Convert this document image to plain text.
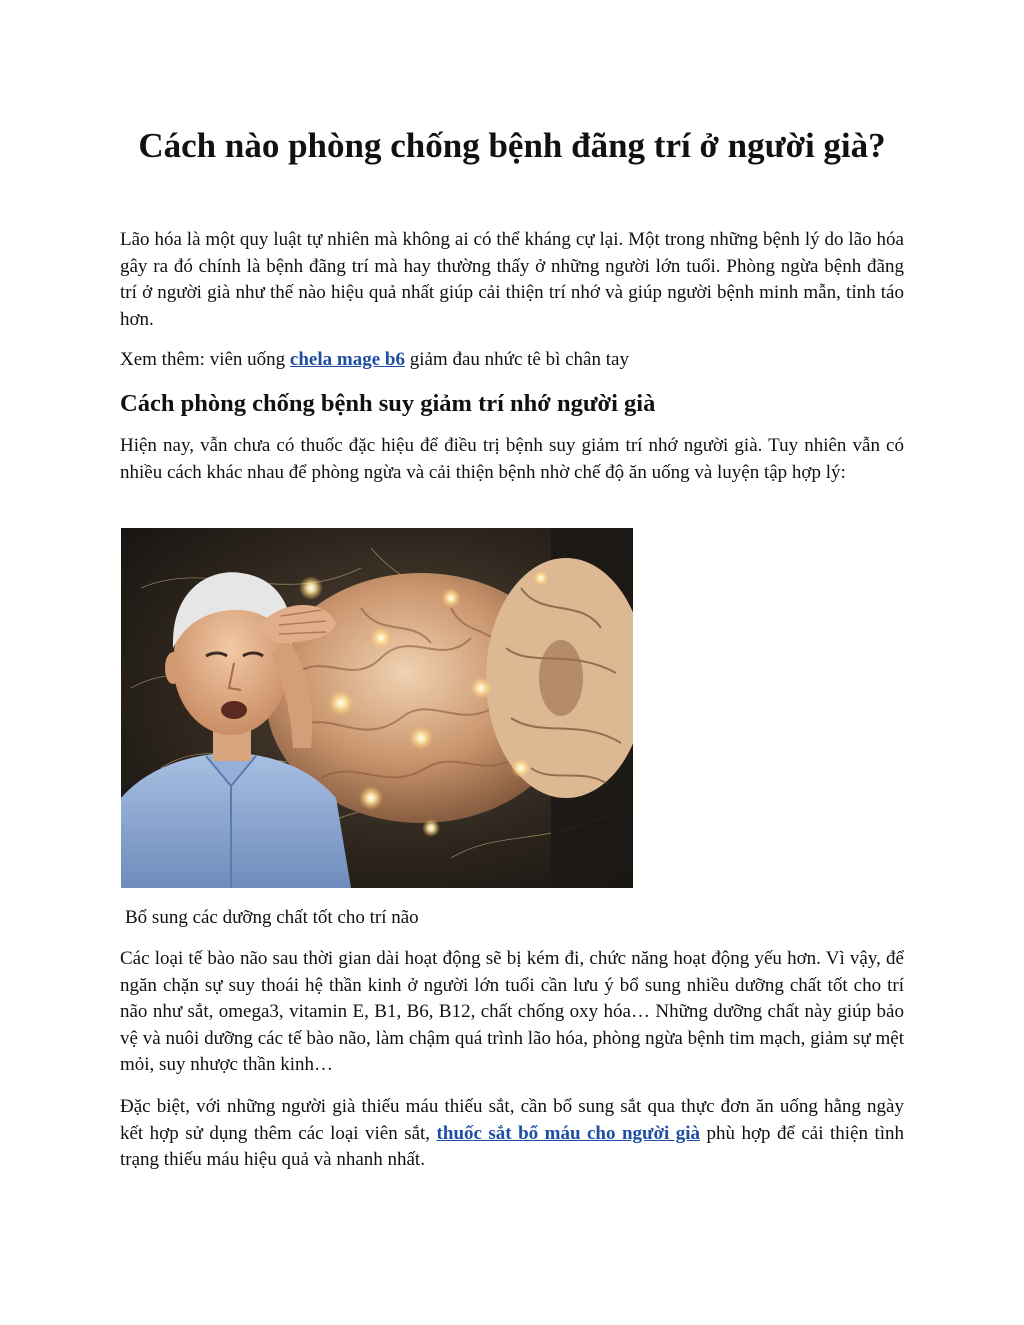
Cách nào phòng chống bệnh đãng trí ở người già?

Lão hóa là một quy luật tự nhiên mà không ai có thể kháng cự lại. Một trong những bệnh lý do lão hóa gây ra đó chính là bệnh đãng trí mà hay thường thấy ở những người lớn tuổi. Phòng ngừa bệnh đãng trí ở người già như thế nào hiệu quả nhất giúp cải thiện trí nhớ và giúp người bệnh minh mẫn, tỉnh táo hơn.

Xem thêm: viên uống chela mage b6 giảm đau nhức tê bì chân tay

Cách phòng chống bệnh suy giảm trí nhớ người già

Hiện nay, vẫn chưa có thuốc đặc hiệu để điều trị bệnh suy giảm trí nhớ người già. Tuy nhiên vẫn có nhiều cách khác nhau để phòng ngừa và cải thiện bệnh nhờ chế độ ăn uống và luyện tập hợp lý:

Bổ sung các dưỡng chất tốt cho trí não

Các loại tế bào não sau thời gian dài hoạt động sẽ bị kém đi, chức năng hoạt động yếu hơn. Vì vậy, để ngăn chặn sự suy thoái hệ thần kinh ở người lớn tuổi cần lưu ý bổ sung nhiều dưỡng chất tốt cho trí não như sắt, omega3, vitamin E, B1, B6, B12, chất chống oxy hóa… Những dưỡng chất này giúp bảo vệ và nuôi dưỡng các tế bào não, làm chậm quá trình lão hóa, phòng ngừa bệnh tim mạch, giảm sự mệt mỏi, suy nhược thần kinh…

Đặc biệt, với những người già thiếu máu thiếu sắt, cần bổ sung sắt qua thực đơn ăn uống hằng ngày kết hợp sử dụng thêm các loại viên sắt, thuốc sắt bổ máu cho người già phù hợp để cải thiện tình trạng thiếu máu hiệu quả và nhanh nhất.
